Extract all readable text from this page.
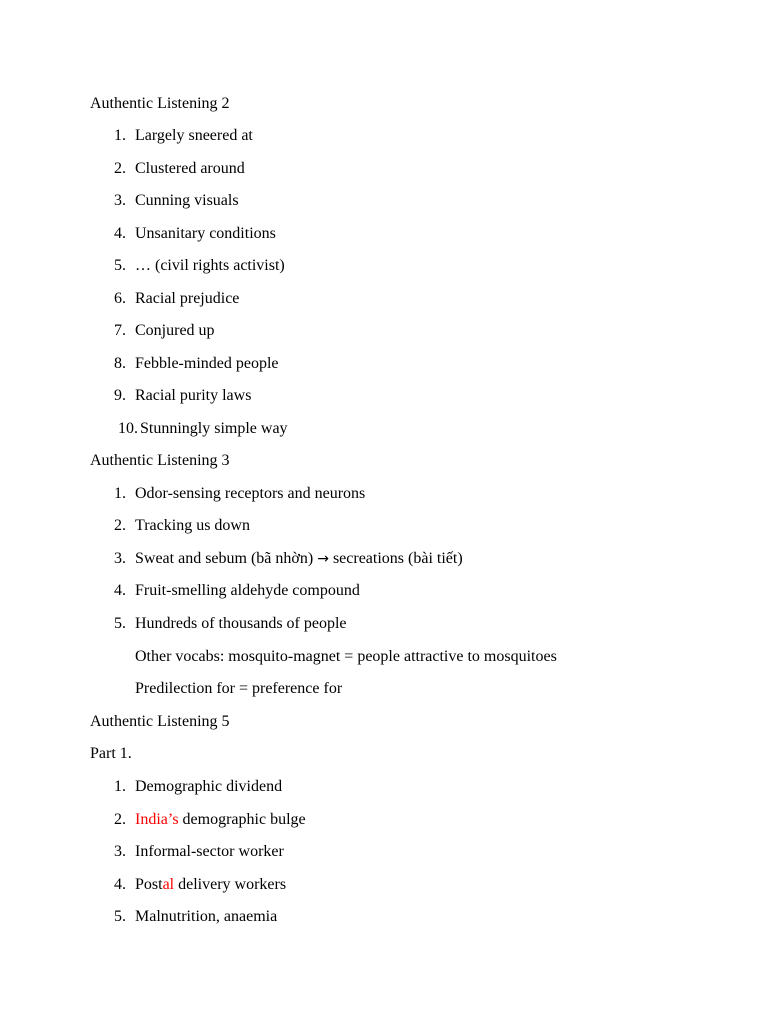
Authentic Listening 2
1. Largely sneered at
2. Clustered around
3. Cunning visuals
4. Unsanitary conditions
5. … (civil rights activist)
6. Racial prejudice
7. Conjured up
8. Febble-minded people
9. Racial purity laws
10. Stunningly simple way
Authentic Listening 3
1. Odor-sensing receptors and neurons
2. Tracking us down
3. Sweat and sebum (bã nhờn) → secreations (bài tiết)
4. Fruit-smelling aldehyde compound
5. Hundreds of thousands of people
Other vocabs: mosquito-magnet = people attractive to mosquitoes
Predilection for = preference for
Authentic Listening 5
Part 1.
1. Demographic dividend
2. India’s demographic bulge
3. Informal-sector worker
4. Postal delivery workers
5. Malnutrition, anaemia
